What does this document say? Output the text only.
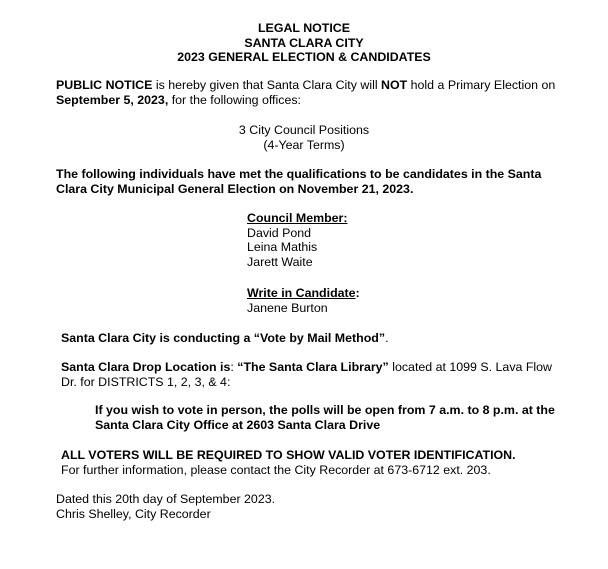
LEGAL NOTICE
SANTA CLARA CITY
2023 GENERAL ELECTION & CANDIDATES
PUBLIC NOTICE is hereby given that Santa Clara City will NOT hold a Primary Election on September 5, 2023, for the following offices:
3 City Council Positions
(4-Year Terms)
The following individuals have met the qualifications to be candidates in the Santa Clara City Municipal General Election on November 21, 2023.
Council Member:
David Pond
Leina Mathis
Jarett Waite
Write in Candidate:
Janene Burton
Santa Clara City is conducting a “Vote by Mail Method”.
Santa Clara Drop Location is: “The Santa Clara Library” located at 1099 S. Lava Flow Dr. for DISTRICTS 1, 2, 3, & 4:
If you wish to vote in person, the polls will be open from 7 a.m. to 8 p.m. at the Santa Clara City Office at 2603 Santa Clara Drive
ALL VOTERS WILL BE REQUIRED TO SHOW VALID VOTER IDENTIFICATION.
For further information, please contact the City Recorder at 673-6712 ext. 203.
Dated this 20th day of September 2023.
Chris Shelley, City Recorder
